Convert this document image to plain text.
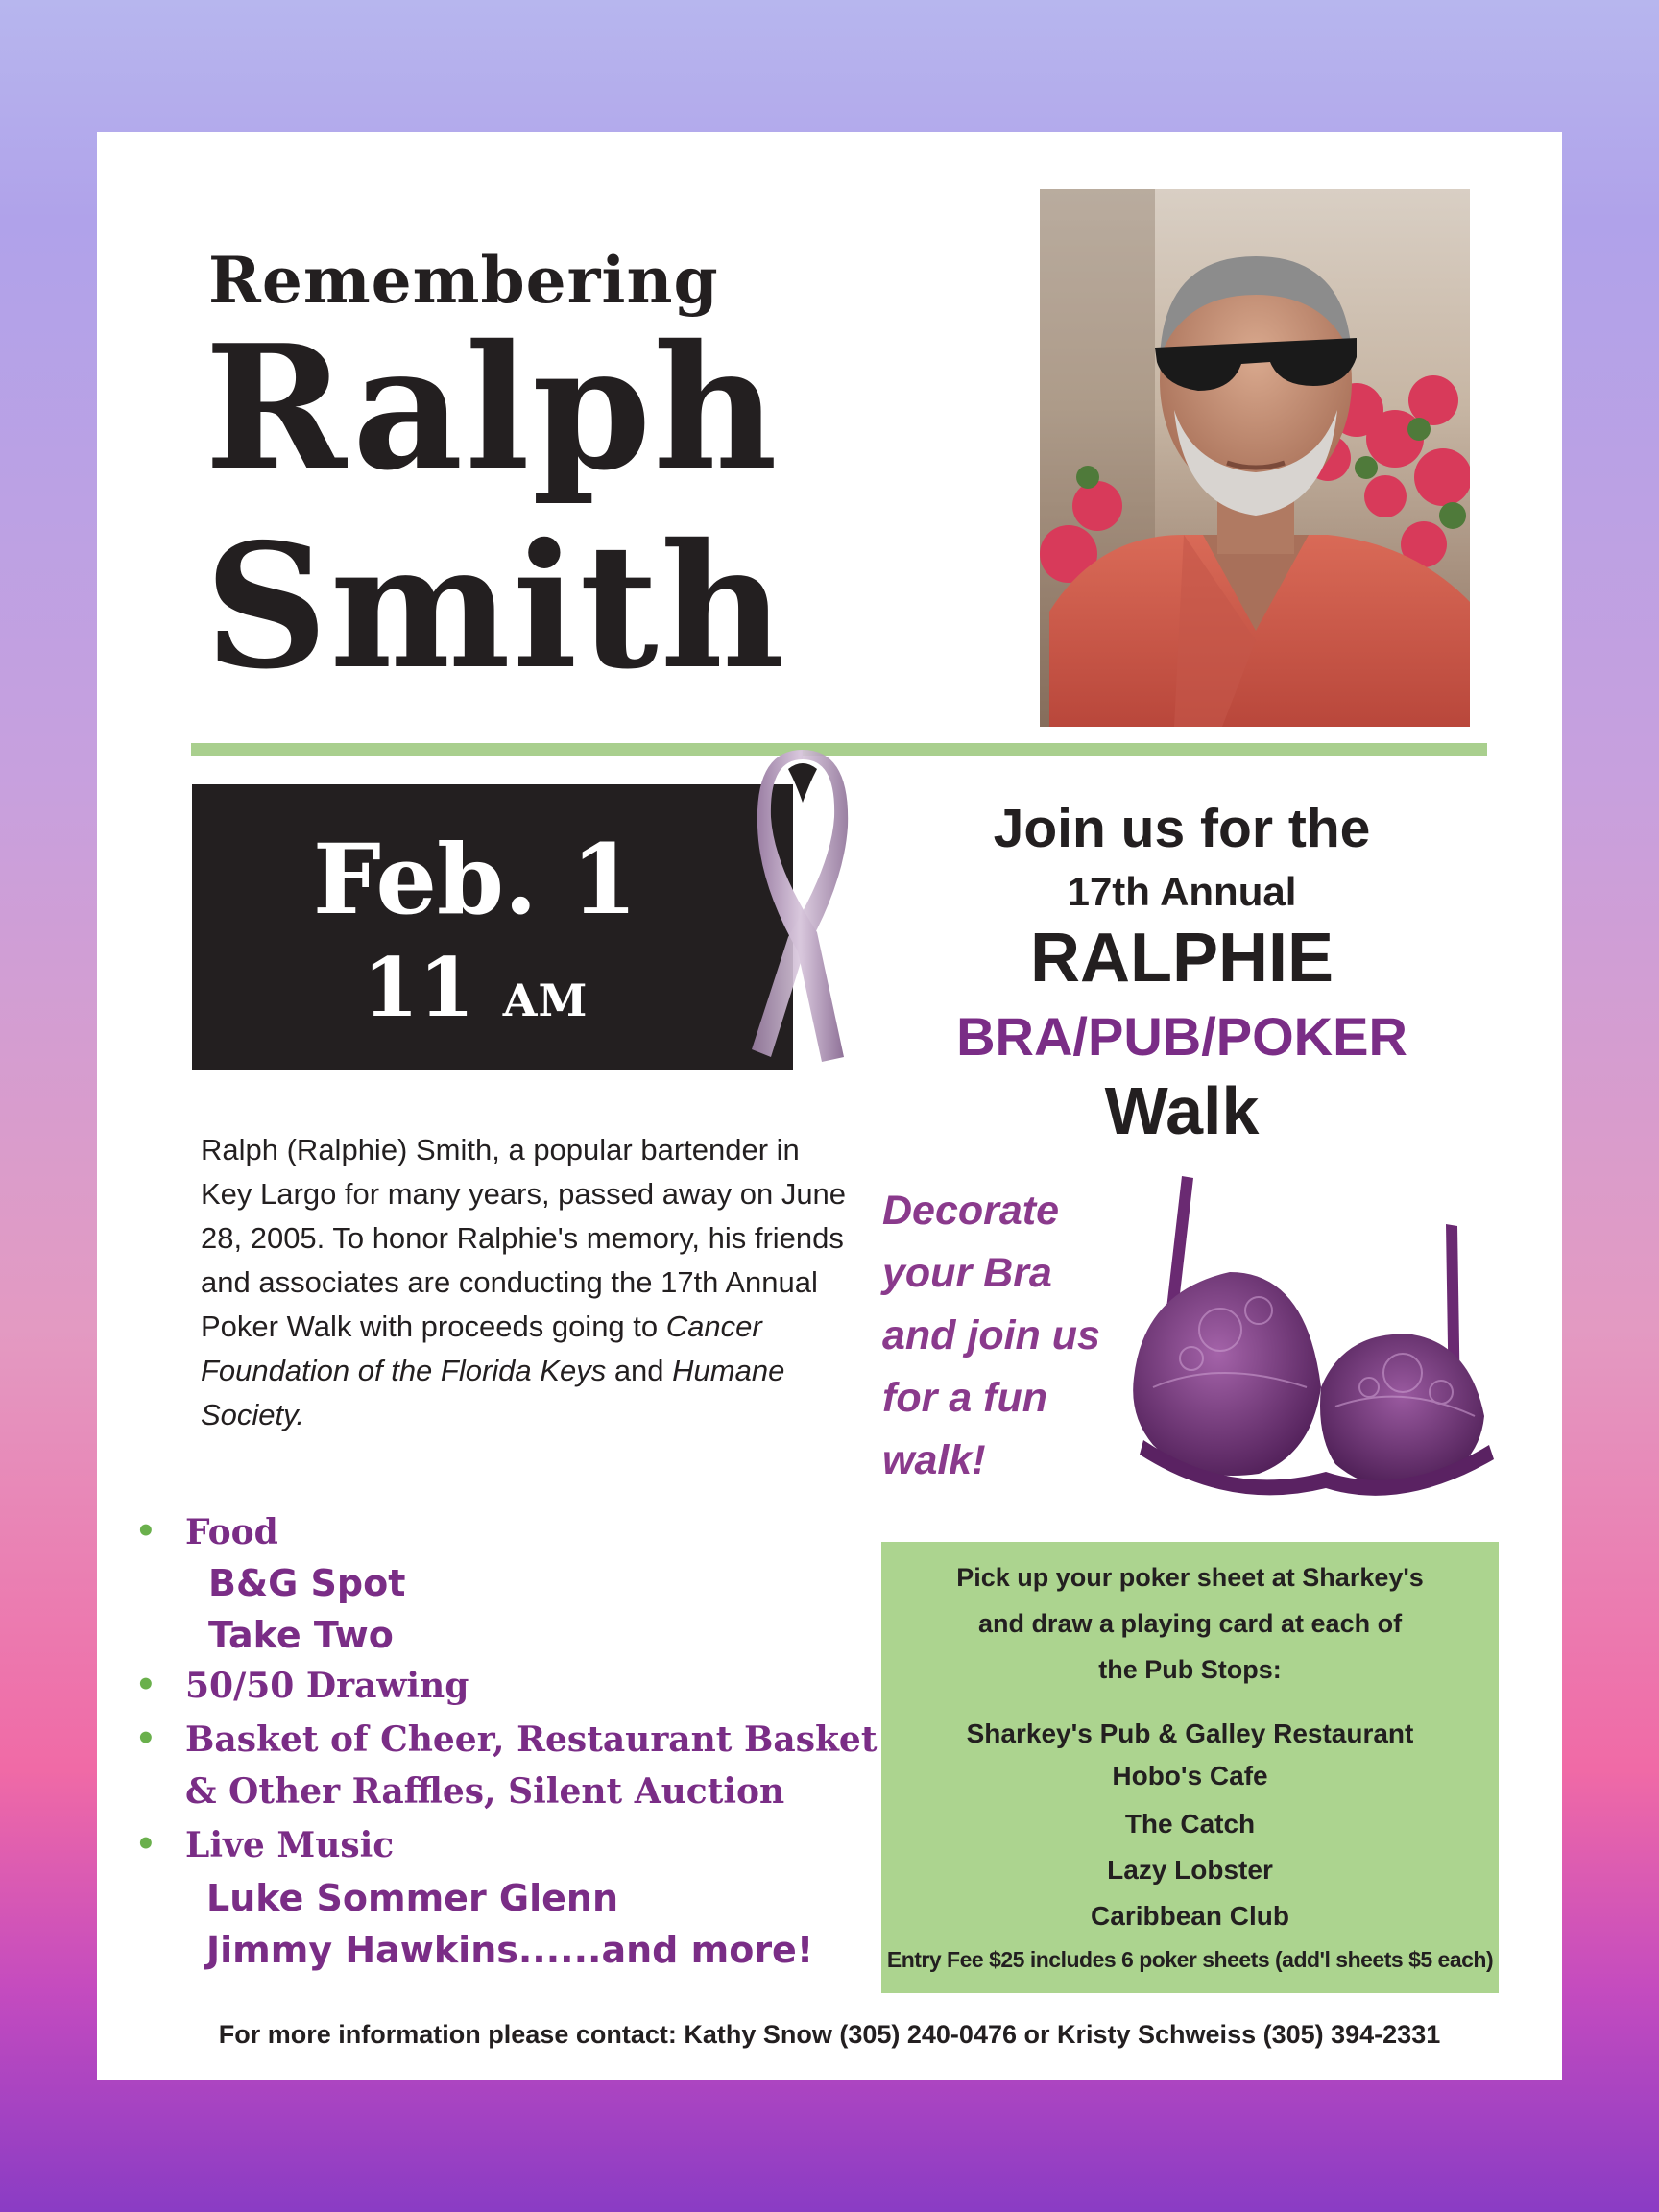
Remembering
Ralph
Smith
Feb. 1
11 AM
Join us for the
17th Annual
RALPHIE
BRA/PUB/POKER
Walk
Ralph (Ralphie) Smith, a popular bartender in Key Largo for many years, passed away on June 28, 2005. To honor Ralphie's memory, his friends and associates are conducting the 17th Annual Poker Walk with proceeds going to Cancer Foundation of the Florida Keys and Humane Society.
Decorate
your Bra
and join us
for a fun
walk!
• Food
B&G Spot
Take Two
• 50/50 Drawing
• Basket of Cheer, Restaurant Basket
& Other Raffles, Silent Auction
• Live Music
Luke Sommer Glenn
Jimmy Hawkins......and more!
Pick up your poker sheet at Sharkey's
and draw a playing card at each of
the Pub Stops:
Sharkey's Pub & Galley Restaurant
Hobo's Cafe
The Catch
Lazy Lobster
Caribbean Club
Entry Fee $25 includes 6 poker sheets (add'l sheets $5 each)
For more information please contact: Kathy Snow (305) 240-0476 or Kristy Schweiss (305) 394-2331
